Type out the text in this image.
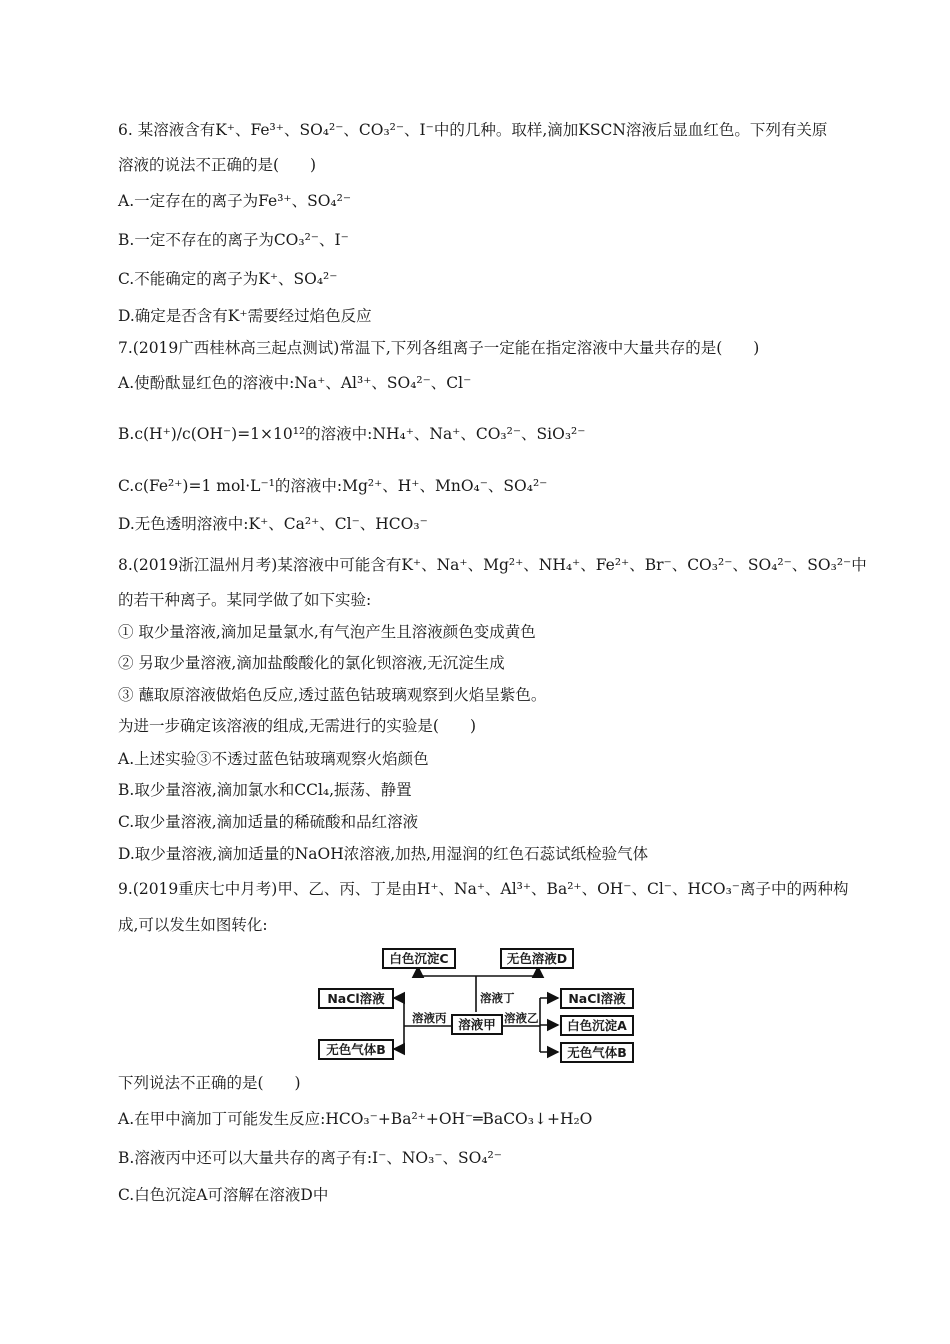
6. 某溶液含有K⁺、Fe³⁺、SO₄²⁻、CO₃²⁻、I⁻中的几种。取样,滴加KSCN溶液后显血红色。下列有关原
溶液的说法不正确的是(　　)
A.一定存在的离子为Fe³⁺、SO₄²⁻
B.一定不存在的离子为CO₃²⁻、I⁻
C.不能确定的离子为K⁺、SO₄²⁻
D.确定是否含有K⁺需要经过焰色反应
7.(2019广西桂林高三起点测试)常温下,下列各组离子一定能在指定溶液中大量共存的是(　　)
A.使酚酞显红色的溶液中:Na⁺、Al³⁺、SO₄²⁻、Cl⁻
B.c(H⁺)/c(OH⁻)=1×10¹²的溶液中:NH₄⁺、Na⁺、CO₃²⁻、SiO₃²⁻
C.c(Fe²⁺)=1 mol·L⁻¹的溶液中:Mg²⁺、H⁺、MnO₄⁻、SO₄²⁻
D.无色透明溶液中:K⁺、Ca²⁺、Cl⁻、HCO₃⁻
8.(2019浙江温州月考)某溶液中可能含有K⁺、Na⁺、Mg²⁺、NH₄⁺、Fe²⁺、Br⁻、CO₃²⁻、SO₄²⁻、SO₃²⁻中
的若干种离子。某同学做了如下实验:
① 取少量溶液,滴加足量氯水,有气泡产生且溶液颜色变成黄色
② 另取少量溶液,滴加盐酸酸化的氯化钡溶液,无沉淀生成
③ 蘸取原溶液做焰色反应,透过蓝色钴玻璃观察到火焰呈紫色。
为进一步确定该溶液的组成,无需进行的实验是(　　)
A.上述实验③不透过蓝色钴玻璃观察火焰颜色
B.取少量溶液,滴加氯水和CCl₄,振荡、静置
C.取少量溶液,滴加适量的稀硫酸和品红溶液
D.取少量溶液,滴加适量的NaOH浓溶液,加热,用湿润的红色石蕊试纸检验气体
9.(2019重庆七中月考)甲、乙、丙、丁是由H⁺、Na⁺、Al³⁺、Ba²⁺、OH⁻、Cl⁻、HCO₃⁻离子中的两种构
成,可以发生如图转化:
白色沉淀C	无色溶液D
NaCl溶液
无色气体B
溶液甲
NaCl溶液
白色沉淀A
无色气体B
溶液丙
溶液丁
溶液乙
下列说法不正确的是(　　)
A.在甲中滴加丁可能发生反应:HCO₃⁻+Ba²⁺+OH⁻═BaCO₃↓+H₂O
B.溶液丙中还可以大量共存的离子有:I⁻、NO₃⁻、SO₄²⁻
C.白色沉淀A可溶解在溶液D中
